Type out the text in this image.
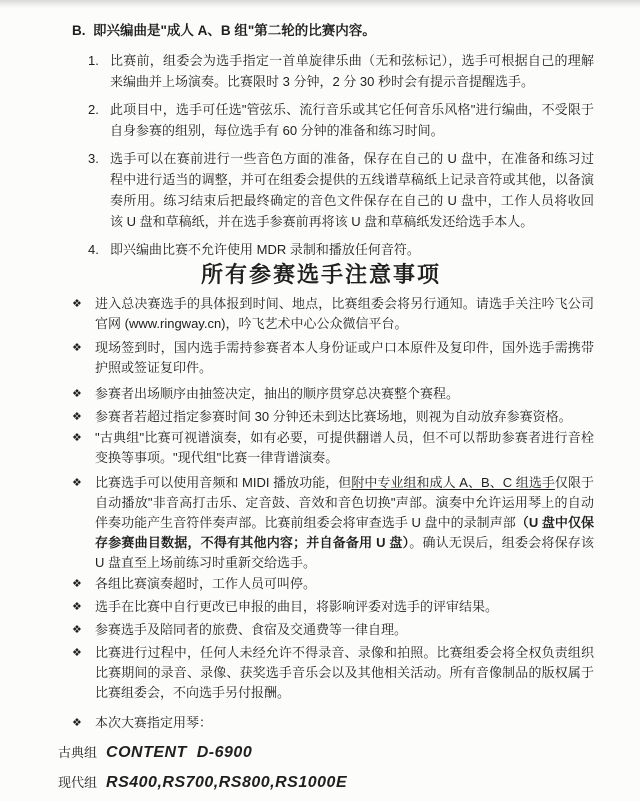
B. 即兴编曲是"成人 A、B 组"第二轮的比赛内容。
1. 比赛前，组委会为选手指定一首单旋律乐曲（无和弦标记），选手可根据自己的理解来编曲并上场演奏。比赛限时 3 分钟，2 分 30 秒时会有提示音提醒选手。
2. 此项目中，选手可任选"管弦乐、流行音乐或其它任何音乐风格"进行编曲，不受限于自身参赛的组别，每位选手有 60 分钟的准备和练习时间。
3. 选手可以在赛前进行一些音色方面的准备，保存在自己的 U 盘中，在准备和练习过程中进行适当的调整，并可在组委会提供的五线谱草稿纸上记录音符或其他，以备演奏所用。练习结束后把最终确定的音色文件保存在自己的 U 盘中，工作人员将收回该 U 盘和草稿纸，并在选手参赛前再将该 U 盘和草稿纸发还给选手本人。
4. 即兴编曲比赛不允许使用 MDR 录制和播放任何音符。
所有参赛选手注意事项
❖	进入总决赛选手的具体报到时间、地点，比赛组委会将另行通知。请选手关注吟飞公司官网 (www.ringway.cn)，吟飞艺术中心公众微信平台。
❖	现场签到时，国内选手需持参赛者本人身份证或户口本原件及复印件，国外选手需携带护照或签证复印件。
❖	参赛者出场顺序由抽签决定，抽出的顺序贯穿总决赛整个赛程。
❖	参赛者若超过指定参赛时间 30 分钟还未到达比赛场地，则视为自动放弃参赛资格。
❖	"古典组"比赛可视谱演奏，如有必要，可提供翻谱人员，但不可以帮助参赛者进行音栓变换等事项。"现代组"比赛一律背谱演奏。
❖	比赛选手可以使用音频和 MIDI 播放功能，但附中专业组和成人 A、B、C 组选手仅限于自动播放"非音高打击乐、定音鼓、音效和音色切换"声部。演奏中允许运用琴上的自动伴奏功能产生音符伴奏声部。比赛前组委会将审查选手 U 盘中的录制声部（U 盘中仅保存参赛曲目数据，不得有其他内容；并自备备用 U 盘）。确认无误后，组委会将保存该 U 盘直至上场前练习时重新交给选手。
❖	各组比赛演奏超时，工作人员可叫停。
❖	选手在比赛中自行更改已申报的曲目，将影响评委对选手的评审结果。
❖	参赛选手及陪同者的旅费、食宿及交通费等一律自理。
❖	比赛进行过程中，任何人未经允许不得录音、录像和拍照。比赛组委会将全权负责组织比赛期间的录音、录像、获奖选手音乐会以及其他相关活动。所有音像制品的版权属于比赛组委会，不向选手另付报酬。
❖	本次大赛指定用琴：
古典组 CONTENT  D-6900
现代组 RS400,RS700,RS800,RS1000E
